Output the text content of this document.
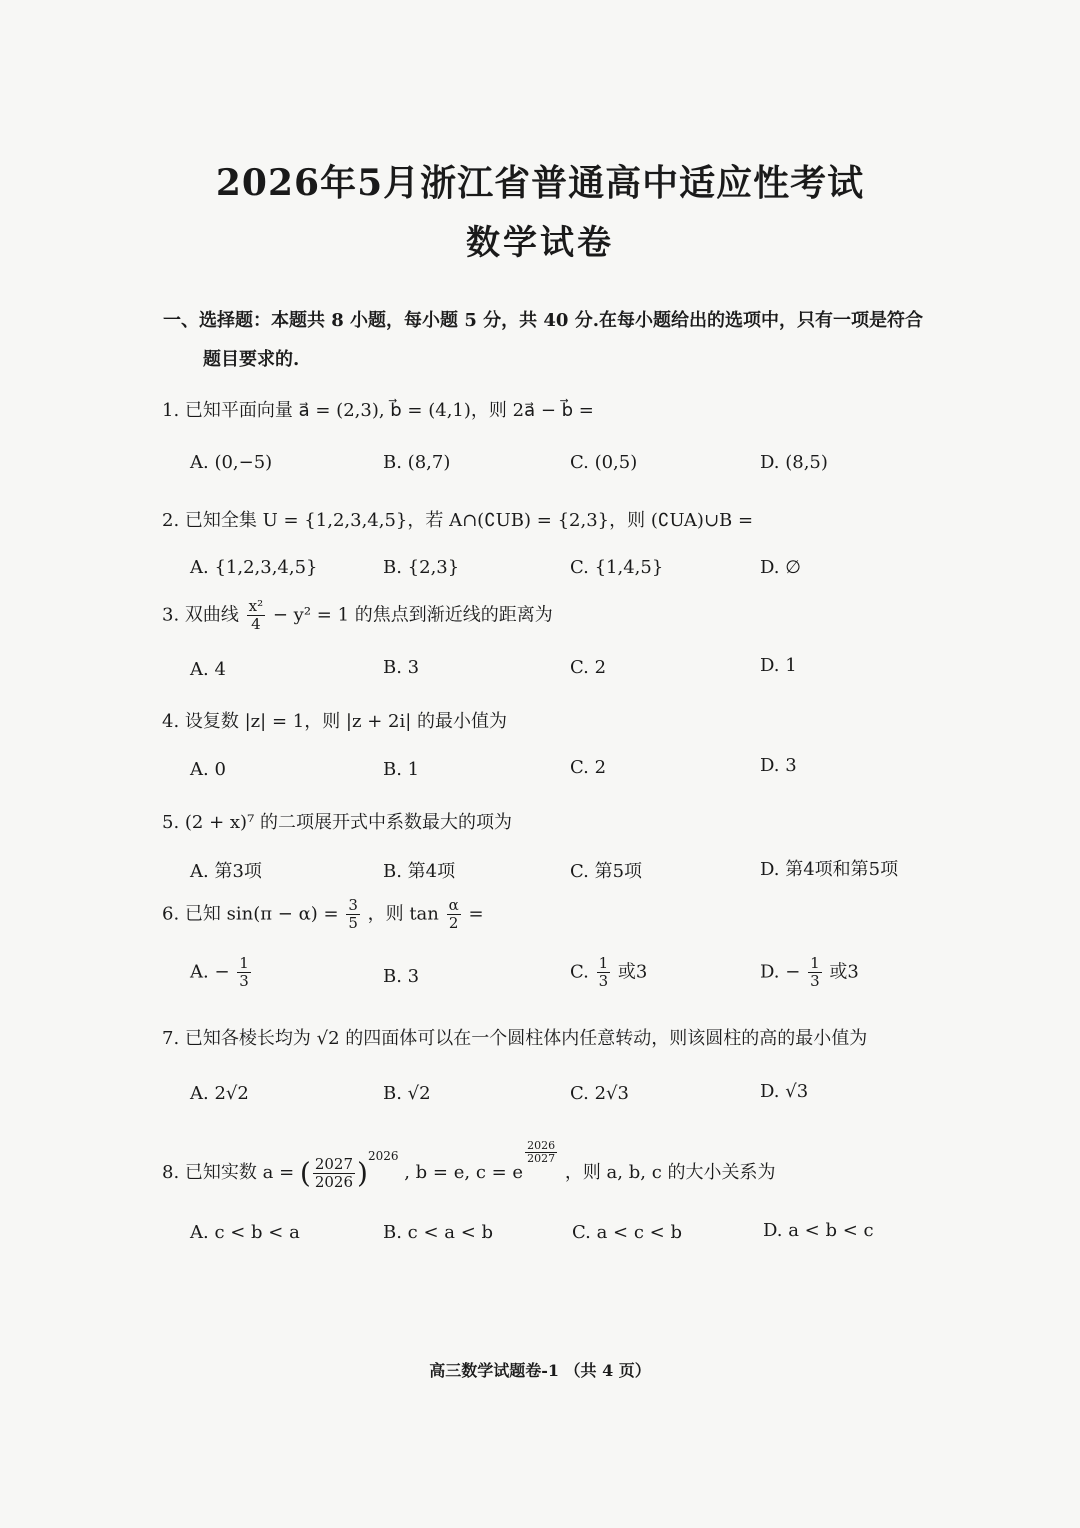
2026年5月浙江省普通高中适应性考试
数学试卷
一、选择题：本题共 8 小题，每小题 5 分，共 40 分.在每小题给出的选项中，只有一项是符合
题目要求的.
1. 已知平面向量 a⃗ = (2,3), b⃗ = (4,1)，则 2a⃗ − b⃗ =
A. (0,−5)	B. (8,7)	C. (0,5)	D. (8,5)
2. 已知全集 U = {1,2,3,4,5}，若 A∩(∁UB) = {2,3}，则 (∁UA)∪B =
A. {1,2,3,4,5}	B. {2,3}	C. {1,4,5}	D. ∅
3. 双曲线 $\frac{\text{x²}}{4} - y^2 = 1$ 的焦点到渐近线的距离为
A. 4	B. 3	C. 2	D. 1
4. 设复数 |z| = 1，则 |z + 2i| 的最小值为
A. 0	B. 1	C. 2	D. 3
5. (2 + x)⁷ 的二项展开式中系数最大的项为
A. 第3项	B. 第4项	C. 第5项	D. 第4项和第5项
6. 已知 $\sin(\pi - \alpha) = \frac{3}{5}$ ，则 $\tan \frac{\alpha}{2}$ =
A. − $\frac{1}{3}$	B. 3	C. $\frac{1}{3}$ 或3	D. − $\frac{1}{3}$ 或3
7. 已知各棱长均为 √2 的四面体可以在一个圆柱体内任意转动，则该圆柱的高的最小值为
A. 2√2	B. √2	C. 2√3	D. √3
8. 已知实数 a = ( $\frac{2027}{2026} )^{2026}$ , b = e, c = e
$\frac{2026}{2027}$
，则 a, b, c 的大小关系为
A. c < b < a	B. c < a < b	C. a < c < b	D. a < b < c
高三数学试题卷-1 （共 4 页）
